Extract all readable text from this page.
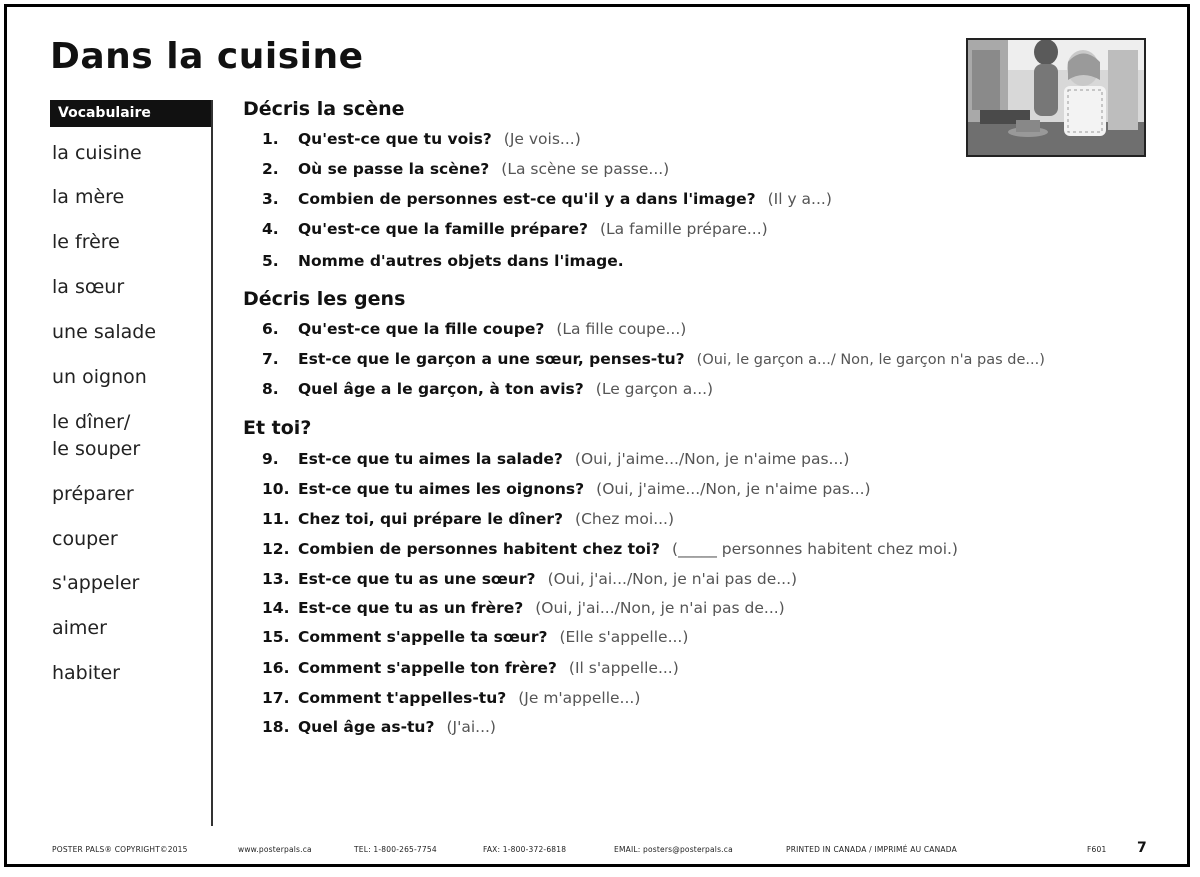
Dans la cuisine
Vocabulaire
la cuisine
la mère
le frère
la sœur
une salade
un oignon
le dîner/
le souper
préparer
couper
s'appeler
aimer
habiter
Décris la scène
1. Qu'est-ce que tu vois? (Je vois...)
2. Où se passe la scène? (La scène se passe...)
3. Combien de personnes est-ce qu'il y a dans l'image? (Il y a...)
4. Qu'est-ce que la famille prépare? (La famille prépare...)
5. Nomme d'autres objets dans l'image.
Décris les gens
6. Qu'est-ce que la fille coupe? (La fille coupe...)
7. Est-ce que le garçon a une sœur, penses-tu? (Oui, le garçon a.../ Non, le garçon n'a pas de...)
8. Quel âge a le garçon, à ton avis? (Le garçon a...)
Et toi?
9. Est-ce que tu aimes la salade? (Oui, j'aime.../Non, je n'aime pas...)
10. Est-ce que tu aimes les oignons? (Oui, j'aime.../Non, je n'aime pas...)
11. Chez toi, qui prépare le dîner? (Chez moi...)
12. Combien de personnes habitent chez toi? (_____ personnes habitent chez moi.)
13. Est-ce que tu as une sœur? (Oui, j'ai.../Non, je n'ai pas de...)
14. Est-ce que tu as un frère? (Oui, j'ai.../Non, je n'ai pas de...)
15. Comment s'appelle ta sœur? (Elle s'appelle...)
16. Comment s'appelle ton frère? (Il s'appelle...)
17. Comment t'appelles-tu? (Je m'appelle...)
18. Quel âge as-tu? (J'ai...)
POSTER PALS® COPYRIGHT©2015	www.posterpals.ca	TEL: 1-800-265-7754	FAX: 1-800-372-6818	EMAIL: posters@posterpals.ca	PRINTED IN CANADA / IMPRIMÉ AU CANADA	F601 7
